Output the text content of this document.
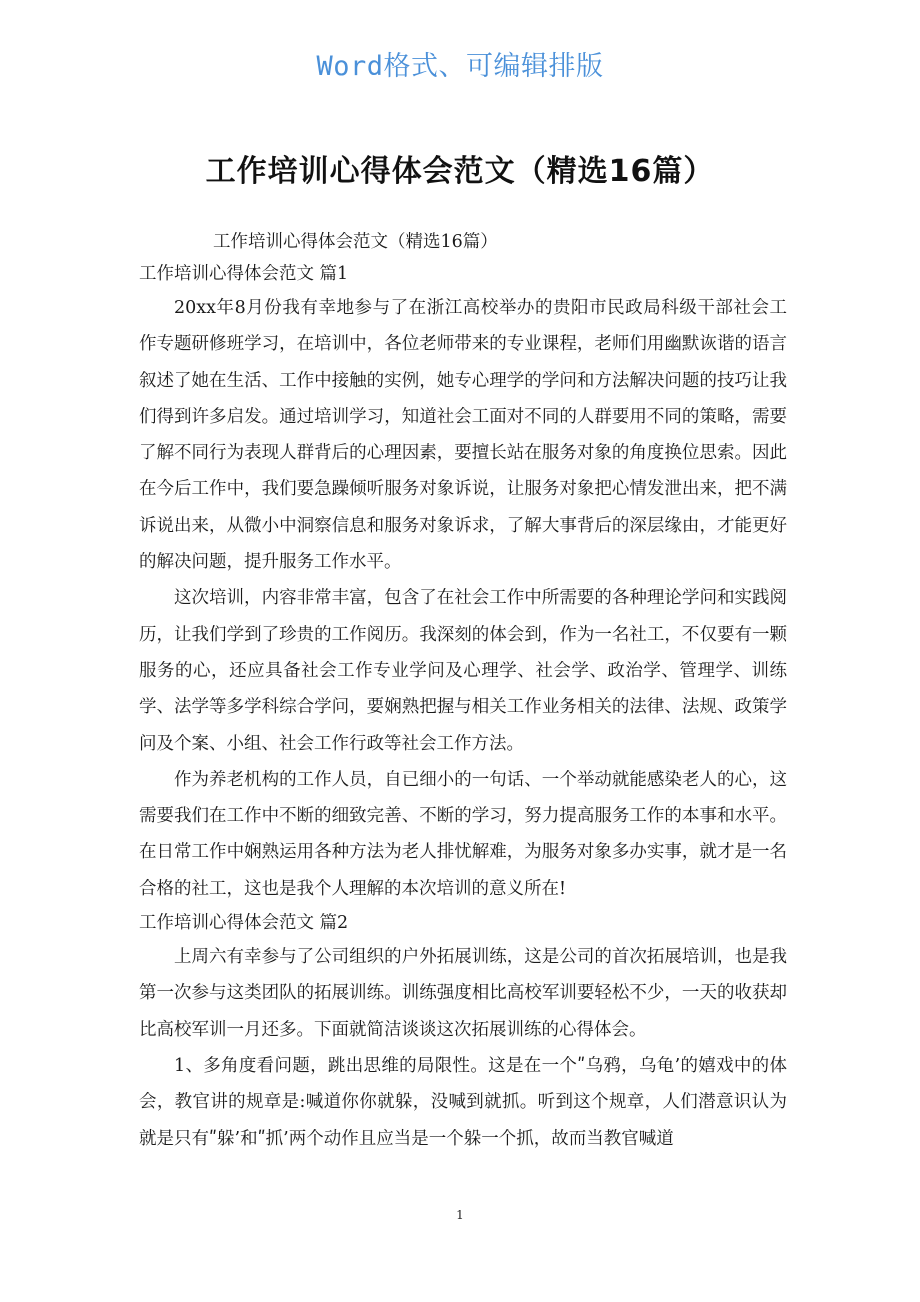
Word格式、可编辑排版
工作培训心得体会范文（精选16篇）

工作培训心得体会范文（精选16篇）

工作培训心得体会范文 篇1

20xx年8月份我有幸地参与了在浙江高校举办的贵阳市民政局科级干部社会工作专题研修班学习，在培训中，各位老师带来的专业课程，老师们用幽默诙谐的语言叙述了她在生活、工作中接触的实例，她专心理学的学问和方法解决问题的技巧让我们得到许多启发。通过培训学习，知道社会工面对不同的人群要用不同的策略，需要了解不同行为表现人群背后的心理因素，要擅长站在服务对象的角度换位思索。因此在今后工作中，我们要急躁倾听服务对象诉说，让服务对象把心情发泄出来，把不满诉说出来，从微小中洞察信息和服务对象诉求，了解大事背后的深层缘由，才能更好的解决问题，提升服务工作水平。

这次培训，内容非常丰富，包含了在社会工作中所需要的各种理论学问和实践阅历，让我们学到了珍贵的工作阅历。我深刻的体会到，作为一名社工，不仅要有一颗服务的心，还应具备社会工作专业学问及心理学、社会学、政治学、管理学、训练学、法学等多学科综合学问，要娴熟把握与相关工作业务相关的法律、法规、政策学问及个案、小组、社会工作行政等社会工作方法。

作为养老机构的工作人员，自已细小的一句话、一个举动就能感染老人的心，这需要我们在工作中不断的细致完善、不断的学习，努力提高服务工作的本事和水平。在日常工作中娴熟运用各种方法为老人排忧解难，为服务对象多办实事，就才是一名合格的社工，这也是我个人理解的本次培训的意义所在!

工作培训心得体会范文 篇2

上周六有幸参与了公司组织的户外拓展训练，这是公司的首次拓展培训，也是我第一次参与这类团队的拓展训练。训练强度相比高校军训要轻松不少，一天的收获却比高校军训一月还多。下面就简洁谈谈这次拓展训练的心得体会。

1、多角度看问题，跳出思维的局限性。这是在一个ʺ乌鸦，乌龟’的嬉戏中的体会，教官讲的规章是:喊道你你就躲，没喊到就抓。听到这个规章，人们潜意识认为就是只有ʺ躲’和ʺ抓’两个动作且应当是一个躲一个抓，故而当教官喊道

1
